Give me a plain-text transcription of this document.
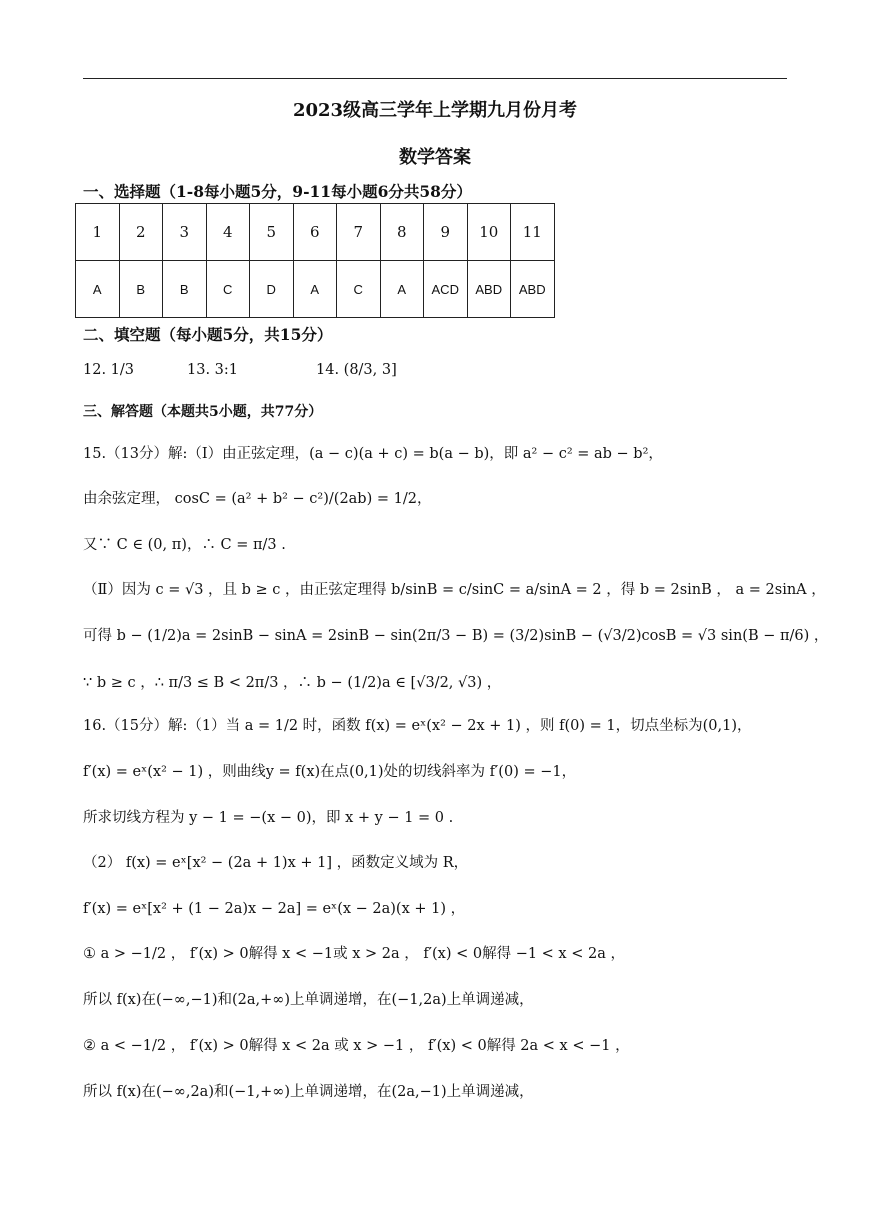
2023级高三学年上学期九月份月考
数学答案
一、选择题（1-8每小题5分，9-11每小题6分共58分）
1	2	3	4	5	6	7	8	9	10	11
A	B	B	C	D	A	C	A	ACD	ABD	ABD
二、填空题（每小题5分，共15分）
12. 1/3	13. 3:1	14. (8/3, 3]
三、解答题（本题共5小题，共77分）
15.（13分）解:（Ⅰ）由正弦定理，(a − c)(a + c) = b(a − b)，即 a² − c² = ab − b²，
由余弦定理， cosC = (a² + b² − c²)/(2ab) = 1/2，
又∵ C ∈ (0, π)，∴ C = π/3 .
（Ⅱ）因为 c = √3 ，且 b ≥ c ，由正弦定理得 b/sinB = c/sinC = a/sinA = 2 ，得 b = 2sinB ， a = 2sinA ，
可得 b − (1/2)a = 2sinB − sinA = 2sinB − sin(2π/3 − B) = (3/2)sinB − (√3/2)cosB = √3 sin(B − π/6) ，
∵ b ≥ c ，∴ π/3 ≤ B < 2π/3 ，∴ b − (1/2)a ∈ [√3/2, √3) ，
16.（15分）解:（1）当 a = 1/2 时，函数 f(x) = eˣ(x² − 2x + 1) ，则 f(0) = 1，切点坐标为(0,1)，
f′(x) = eˣ(x² − 1) ，则曲线y = f(x)在点(0,1)处的切线斜率为 f′(0) = −1，
所求切线方程为 y − 1 = −(x − 0)，即 x + y − 1 = 0 .
（2） f(x) = eˣ[x² − (2a + 1)x + 1] ，函数定义域为 R，
f′(x) = eˣ[x² + (1 − 2a)x − 2a] = eˣ(x − 2a)(x + 1) ，
① a > −1/2 ， f′(x) > 0解得 x < −1或 x > 2a ， f′(x) < 0解得 −1 < x < 2a ，
所以 f(x)在(−∞,−1)和(2a,+∞)上单调递增，在(−1,2a)上单调递减，
② a < −1/2 ， f′(x) > 0解得 x < 2a 或 x > −1 ， f′(x) < 0解得 2a < x < −1 ，
所以 f(x)在(−∞,2a)和(−1,+∞)上单调递增，在(2a,−1)上单调递减，
